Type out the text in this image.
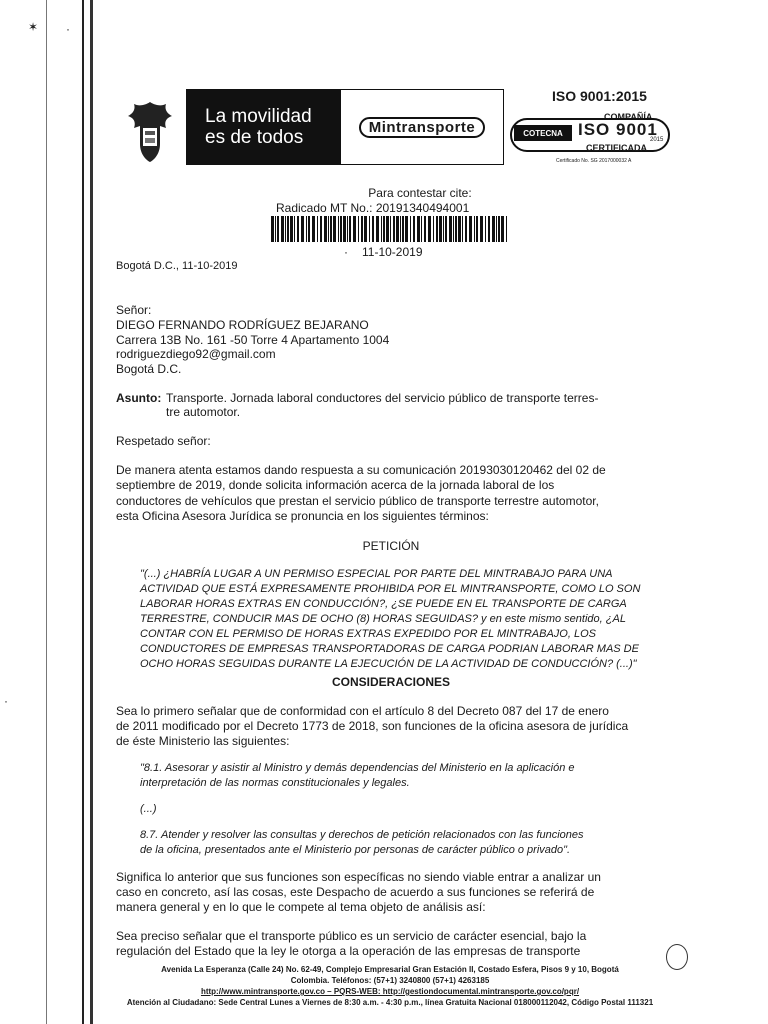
✶ ·
·
La movilidad
es de todos	Mintransporte
ISO 9001:2015
COMPAÑÍA
COTECNA ISO 9001
2015
CERTIFICADA
Certificado No. SG 2017000032 A
Para contestar cite:
Radicado MT No.: 20191340494001
· 11-10-2019
Bogotá D.C., 11-10-2019
Señor:
DIEGO FERNANDO RODRÍGUEZ BEJARANO
Carrera 13B No. 161 -50 Torre 4 Apartamento 1004
rodriguezdiego92@gmail.com
Bogotá D.C.
Asunto: Transporte. Jornada laboral conductores del servicio público de transporte terres-
tre automotor.
Respetado señor:
De manera atenta estamos dando respuesta a su comunicación 20193030120462 del 02 de
septiembre de 2019, donde solicita información acerca de la jornada laboral de los
conductores de vehículos que prestan el servicio público de transporte terrestre automotor,
esta Oficina Asesora Jurídica se pronuncia en los siguientes términos:
PETICIÓN
"(...) ¿HABRÍA LUGAR A UN PERMISO ESPECIAL POR PARTE DEL MINTRABAJO PARA UNA
ACTIVIDAD QUE ESTÁ EXPRESAMENTE PROHIBIDA POR EL MINTRANSPORTE, COMO LO SON
LABORAR HORAS EXTRAS EN CONDUCCIÓN?, ¿SE PUEDE EN EL TRANSPORTE DE CARGA
TERRESTRE, CONDUCIR MAS DE OCHO (8) HORAS SEGUIDAS? y en este mismo sentido, ¿AL
CONTAR CON EL PERMISO DE HORAS EXTRAS EXPEDIDO POR EL MINTRABAJO, LOS
CONDUCTORES DE EMPRESAS TRANSPORTADORAS DE CARGA PODRIAN LABORAR MAS DE
OCHO HORAS SEGUIDAS DURANTE LA EJECUCIÓN DE LA ACTIVIDAD DE CONDUCCIÓN? (...)"
CONSIDERACIONES
Sea lo primero señalar que de conformidad con el artículo 8 del Decreto 087 del 17 de enero
de 2011 modificado por el Decreto 1773 de 2018, son funciones de la oficina asesora de jurídica
de éste Ministerio las siguientes:
"8.1. Asesorar y asistir al Ministro y demás dependencias del Ministerio en la aplicación e
interpretación de las normas constitucionales y legales.
(...)
8.7. Atender y resolver las consultas y derechos de petición relacionados con las funciones
de la oficina, presentados ante el Ministerio por personas de carácter público o privado".
Significa lo anterior que sus funciones son específicas no siendo viable entrar a analizar un
caso en concreto, así las cosas, este Despacho de acuerdo a sus funciones se referirá de
manera general y en lo que le compete al tema objeto de análisis así:
Sea preciso señalar que el transporte público es un servicio de carácter esencial, bajo la
regulación del Estado que la ley le otorga a la operación de las empresas de transporte
Avenida La Esperanza (Calle 24) No. 62-49, Complejo Empresarial Gran Estación II, Costado Esfera, Pisos 9 y 10, Bogotá
Colombia. Teléfonos: (57+1) 3240800 (57+1) 4263185
http://www.mintransporte.gov.co – PQRS-WEB: http://gestiondocumental.mintransporte.gov.co/pqr/
Atención al Ciudadano: Sede Central Lunes a Viernes de 8:30 a.m. - 4:30 p.m., línea Gratuita Nacional 018000112042, Código Postal 111321
